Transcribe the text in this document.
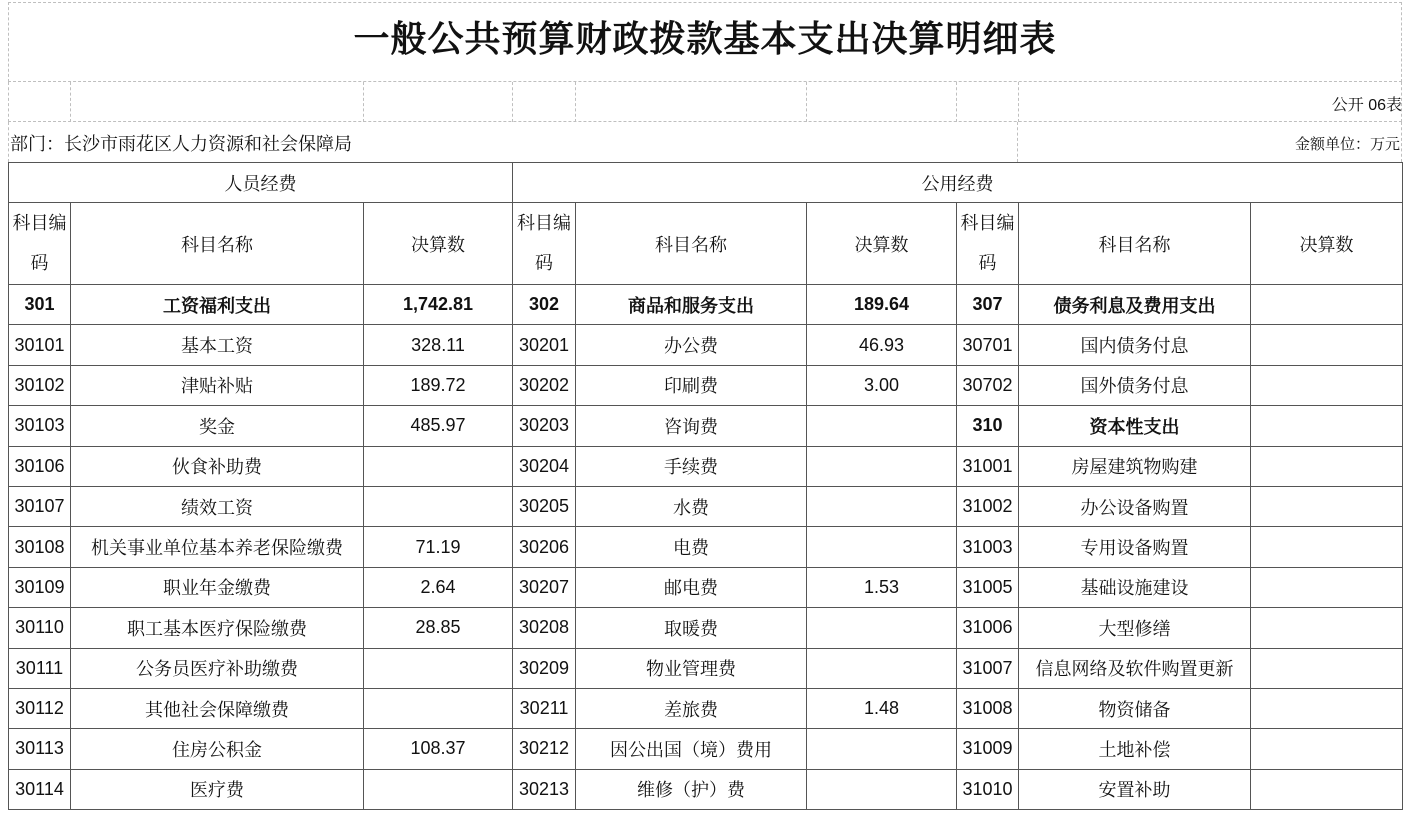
一般公共预算财政拨款基本支出决算明细表
公开 06表
部门：长沙市雨花区人力资源和社会保障局	金额单位：万元
人员经费			公用经费					
科目编码	科目名称	决算数	科目编码	科目名称	决算数	科目编码	科目名称	决算数
301	工资福利支出	1,742.81	302	商品和服务支出	189.64	307	债务利息及费用支出	
30101	基本工资	328.11	30201	办公费	46.93	30701	国内债务付息	
30102	津贴补贴	189.72	30202	印刷费	3.00	30702	国外债务付息	
30103	奖金	485.97	30203	咨询费		310	资本性支出	
30106	伙食补助费		30204	手续费		31001	房屋建筑物购建	
30107	绩效工资		30205	水费		31002	办公设备购置	
30108	机关事业单位基本养老保险缴费	71.19	30206	电费		31003	专用设备购置	
30109	职业年金缴费	2.64	30207	邮电费	1.53	31005	基础设施建设	
30110	职工基本医疗保险缴费	28.85	30208	取暖费		31006	大型修缮	
30111	公务员医疗补助缴费		30209	物业管理费		31007	信息网络及软件购置更新	
30112	其他社会保障缴费		30211	差旅费	1.48	31008	物资储备	
30113	住房公积金	108.37	30212	因公出国（境）费用		31009	土地补偿	
30114	医疗费		30213	维修（护）费		31010	安置补助	
